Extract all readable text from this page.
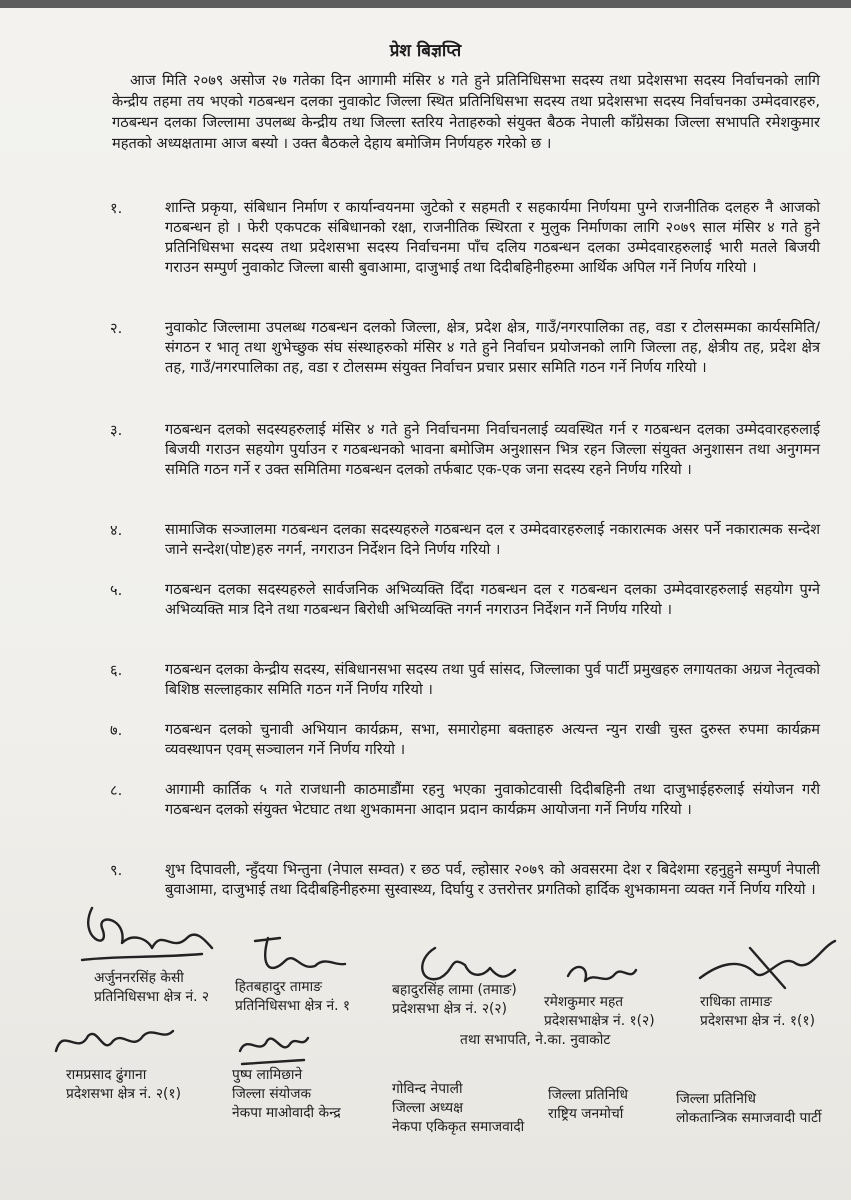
प्रेश बिज्ञप्ति

आज मिति २०७९ असोज २७ गतेका दिन आगामी मंसिर ४ गते हुने प्रतिनिधिसभा सदस्य तथा प्रदेशसभा सदस्य निर्वाचनको लागि केन्द्रीय तहमा तय भएको गठबन्धन दलका नुवाकोट जिल्ला स्थित प्रतिनिधिसभा सदस्य तथा प्रदेशसभा सदस्य निर्वाचनका उम्मेदवारहरु, गठबन्धन दलका जिल्लामा उपलब्ध केन्द्रीय तथा जिल्ला स्तरिय नेताहरुको संयुक्त बैठक नेपाली काँग्रेसका जिल्ला सभापति रमेशकुमार महतको अध्यक्षतामा आज बस्यो । उक्त बैठकले देहाय बमोजिम निर्णयहरु गरेको छ ।

१.	शान्ति प्रकृया, संबिधान निर्माण र कार्यान्वयनमा जुटेको र सहमती र सहकार्यमा निर्णयमा पुग्ने राजनीतिक दलहरु नै आजको गठबन्धन हो । फेरी एकपटक संबिधानको रक्षा, राजनीतिक स्थिरता र मुलुक निर्माणका लागि २०७९ साल मंसिर ४ गते हुने प्रतिनिधिसभा सदस्य तथा प्रदेशसभा सदस्य निर्वाचनमा पाँच दलिय गठबन्धन दलका उम्मेदवारहरुलाई भारी मतले बिजयी गराउन सम्पुर्ण नुवाकोट जिल्ला बासी बुवाआमा, दाजुभाई तथा दिदीबहिनीहरुमा आर्थिक अपिल गर्ने निर्णय गरियो ।
२.	नुवाकोट जिल्लामा उपलब्ध गठबन्धन दलको जिल्ला, क्षेत्र, प्रदेश क्षेत्र, गाउँ/नगरपालिका तह, वडा र टोलसम्मका कार्यसमिति/संगठन र भातृ तथा शुभेच्छुक संघ संस्थाहरुको मंसिर ४ गते हुने निर्वाचन प्रयोजनको लागि जिल्ला तह, क्षेत्रीय तह, प्रदेश क्षेत्र तह, गाउँ/नगरपालिका तह, वडा र टोलसम्म संयुक्त निर्वाचन प्रचार प्रसार समिति गठन गर्ने निर्णय गरियो ।
३.	गठबन्धन दलको सदस्यहरुलाई मंसिर ४ गते हुने निर्वाचनमा निर्वाचनलाई व्यवस्थित गर्न र गठबन्धन दलका उम्मेदवारहरुलाई बिजयी गराउन सहयोग पुर्याउन र गठबन्धनको भावना बमोजिम अनुशासन भित्र रहन जिल्ला संयुक्त अनुशासन तथा अनुगमन समिति गठन गर्ने र उक्त समितिमा गठबन्धन दलको तर्फबाट एक-एक जना सदस्य रहने निर्णय गरियो ।
४.	सामाजिक सञ्जालमा गठबन्धन दलका सदस्यहरुले गठबन्धन दल र उम्मेदवारहरुलाई नकारात्मक असर पर्ने नकारात्मक सन्देश जाने सन्देश(पोष्ट)हरु नगर्न, नगराउन निर्देशन दिने निर्णय गरियो ।
५.	गठबन्धन दलका सदस्यहरुले सार्वजनिक अभिव्यक्ति दिँदा गठबन्धन दल र गठबन्धन दलका उम्मेदवारहरुलाई सहयोग पुग्ने अभिव्यक्ति मात्र दिने तथा गठबन्धन बिरोधी अभिव्यक्ति नगर्न नगराउन निर्देशन गर्ने निर्णय गरियो ।
६.	गठबन्धन दलका केन्द्रीय सदस्य, संबिधानसभा सदस्य तथा पुर्व सांसद, जिल्लाका पुर्व पार्टी प्रमुखहरु लगायतका अग्रज नेतृत्वको बिशिष्ठ सल्लाहकार समिति गठन गर्ने निर्णय गरियो ।
७.	गठबन्धन दलको चुनावी अभियान कार्यक्रम, सभा, समारोहमा बक्ताहरु अत्यन्त न्युन राखी चुस्त दुरुस्त रुपमा कार्यक्रम व्यवस्थापन एवम् सञ्चालन गर्ने निर्णय गरियो ।
८.	आगामी कार्तिक ५ गते राजधानी काठमाडौंमा रहनु भएका नुवाकोटवासी दिदीबहिनी तथा दाजुभाईहरुलाई संयोजन गरी गठबन्धन दलको संयुक्त भेटघाट तथा शुभकामना आदान प्रदान कार्यक्रम आयोजना गर्ने निर्णय गरियो ।
९.	शुभ दिपावली, न्हुँदया भिन्तुना (नेपाल सम्वत) र छठ पर्व, ल्होसार २०७९ को अवसरमा देश र बिदेशमा रहनुहुने सम्पुर्ण नेपाली बुवाआमा, दाजुभाई तथा दिदीबहिनीहरुमा सुस्वास्थ्य, दिर्घायु र उत्तरोत्तर प्रगतिको हार्दिक शुभकामना व्यक्त गर्ने निर्णय गरियो ।
अर्जुननरसिंह केसी
प्रतिनिधिसभा क्षेत्र नं. २
हितबहादुर तामाङ
प्रतिनिधिसभा क्षेत्र नं. १
बहादुरसिंह लामा (तमाङ)
प्रदेशसभा क्षेत्र नं. २(२)	रमेशकुमार महत
प्रदेशसभाक्षेत्र नं. १(२)
तथा सभापति, ने.का. नुवाकोट
राधिका तामाङ
प्रदेशसभा क्षेत्र नं. १(१)
रामप्रसाद ढुंगाना
प्रदेशसभा क्षेत्र नं. २(१)
पुष्प लामिछाने
जिल्ला संयोजक
नेकपा माओवादी केन्द्र
गोविन्द नेपाली
जिल्ला अध्यक्ष
नेकपा एकिकृत समाजवादी
जिल्ला प्रतिनिधि
राष्ट्रिय जनमोर्चा
जिल्ला प्रतिनिधि
लोकतान्त्रिक समाजवादी पार्टी
